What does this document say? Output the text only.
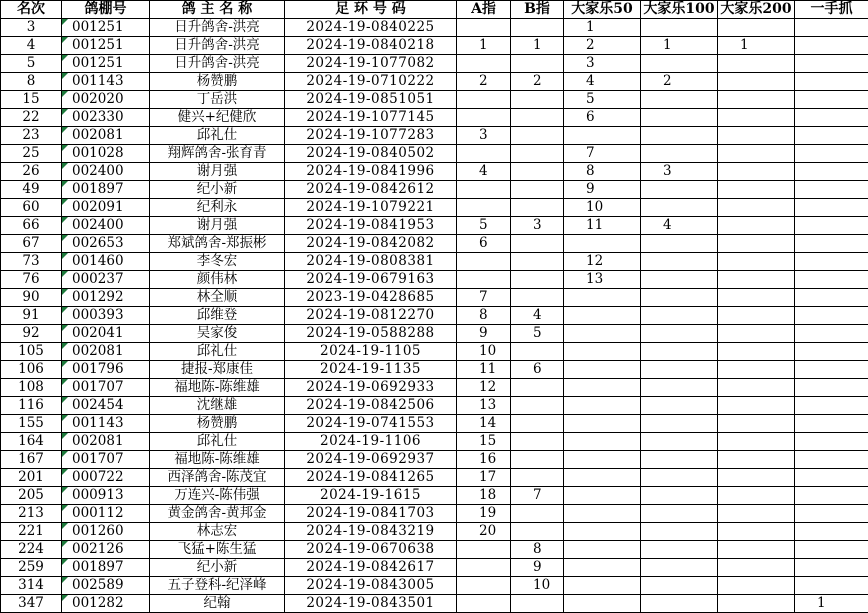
名次	鸽棚号	鸽 主 名 称	足 环 号 码	A指	B指	大家乐50	大家乐100	大家乐200	一手抓
3	001251	日升鸽舍-洪亮	2024-19-0840225			1			
4	001251	日升鸽舍-洪亮	2024-19-0840218	1	1	2	1	1	
5	001251	日升鸽舍-洪亮	2024-19-1077082			3			
8	001143	杨赞鹏	2024-19-0710222	2	2	4	2		
15	002020	丁岳洪	2024-19-0851051			5			
22	002330	健兴+纪健欣	2024-19-1077145			6			
23	002081	邱礼仕	2024-19-1077283	3					
25	001028	翔辉鸽舍-张育青	2024-19-0840502			7			
26	002400	谢月强	2024-19-0841996	4		8	3		
49	001897	纪小新	2024-19-0842612			9			
60	002091	纪利永	2024-19-1079221			10			
66	002400	谢月强	2024-19-0841953	5	3	11	4		
67	002653	郑斌鸽舍-郑振彬	2024-19-0842082	6					
73	001460	李冬宏	2024-19-0808381			12			
76	000237	颜伟林	2024-19-0679163			13			
90	001292	林全顺	2023-19-0428685	7					
91	000393	邱维登	2024-19-0812270	8	4				
92	002041	吴家俊	2024-19-0588288	9	5				
105	002081	邱礼仕	2024-19-1105	10					
106	001796	捷报-郑康佳	2024-19-1135	11	6				
108	001707	福地陈-陈维雄	2024-19-0692933	12					
116	002454	沈继雄	2024-19-0842506	13					
155	001143	杨赞鹏	2024-19-0741553	14					
164	002081	邱礼仕	2024-19-1106	15					
167	001707	福地陈-陈维雄	2024-19-0692937	16					
201	000722	西泽鸽舍-陈茂宜	2024-19-0841265	17					
205	000913	万连兴-陈伟强	2024-19-1615	18	7				
213	000112	黄金鸽舍-黄邦金	2024-19-0841703	19					
221	001260	林志宏	2024-19-0843219	20					
224	002126	飞猛+陈生猛	2024-19-0670638		8				
259	001897	纪小新	2024-19-0842617		9				
314	002589	五子登科-纪泽峰	2024-19-0843005		10				
347	001282	纪翰	2024-19-0843501						1
